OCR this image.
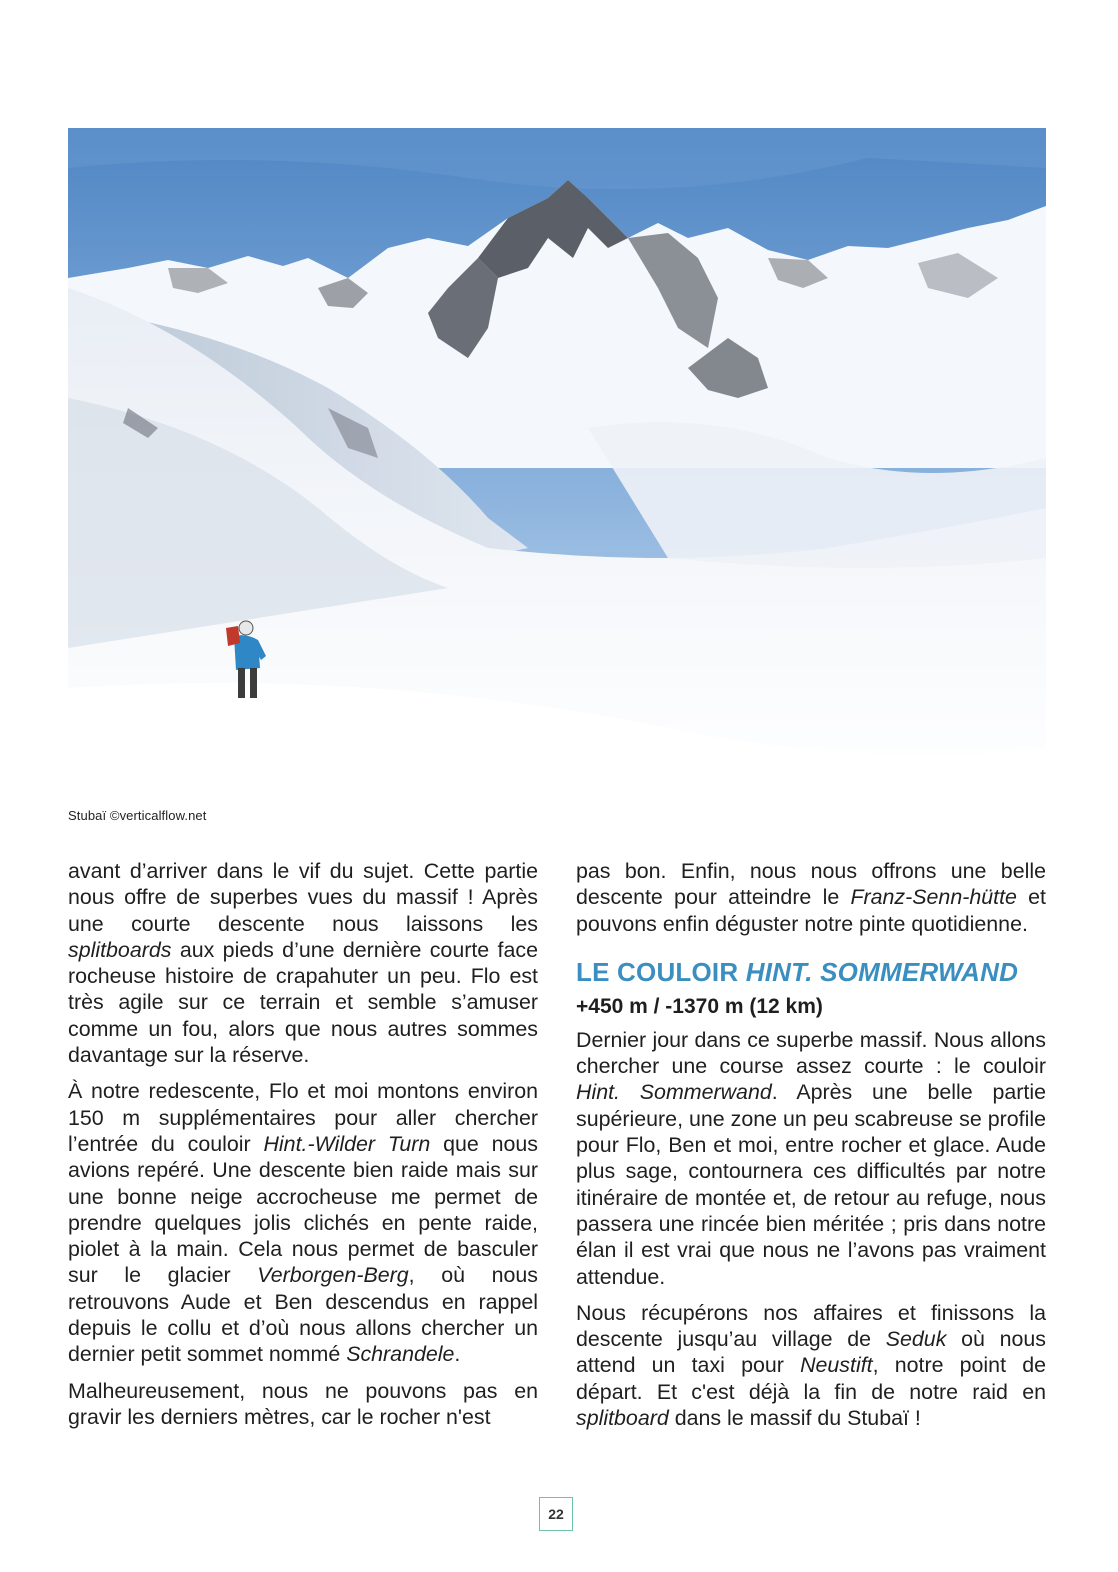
Stubaï ©verticalflow.net

avant d’arriver dans le vif du sujet. Cette partie nous offre de superbes vues du massif ! Après une courte descente nous laissons les splitboards aux pieds d’une dernière courte face rocheuse histoire de crapahuter un peu. Flo est très agile sur ce terrain et semble s’amuser comme un fou, alors que nous autres sommes davantage sur la réserve.

À notre redescente, Flo et moi montons environ 150 m supplémentaires pour aller chercher l’entrée du couloir Hint.-Wilder Turn que nous avions repéré. Une descente bien raide mais sur une bonne neige accrocheuse me permet de prendre quelques jolis clichés en pente raide, piolet à la main. Cela nous permet de basculer sur le glacier Verborgen-Berg, où nous retrouvons Aude et Ben descendus en rappel depuis le collu et d’où nous allons chercher un dernier petit sommet nommé Schrandele.

Malheureusement, nous ne pouvons pas en gravir les derniers mètres, car le rocher n'est

pas bon. Enfin, nous nous offrons une belle descente pour atteindre le Franz-Senn-hütte et pouvons enfin déguster notre pinte quotidienne.

LE COULOIR HINT. SOMMERWAND
+450 m / -1370 m (12 km)

Dernier jour dans ce superbe massif. Nous allons chercher une course assez courte : le couloir Hint. Sommerwand. Après une belle partie supérieure, une zone un peu scabreuse se profile pour Flo, Ben et moi, entre rocher et glace. Aude plus sage, contournera ces difficultés par notre itinéraire de montée et, de retour au refuge, nous passera une rincée bien méritée ; pris dans notre élan il est vrai que nous ne l’avons pas vraiment attendue.

Nous récupérons nos affaires et finissons la descente jusqu’au village de Seduk où nous attend un taxi pour Neustift, notre point de départ. Et c'est déjà la fin de notre raid en splitboard dans le massif du Stubaï !

22
